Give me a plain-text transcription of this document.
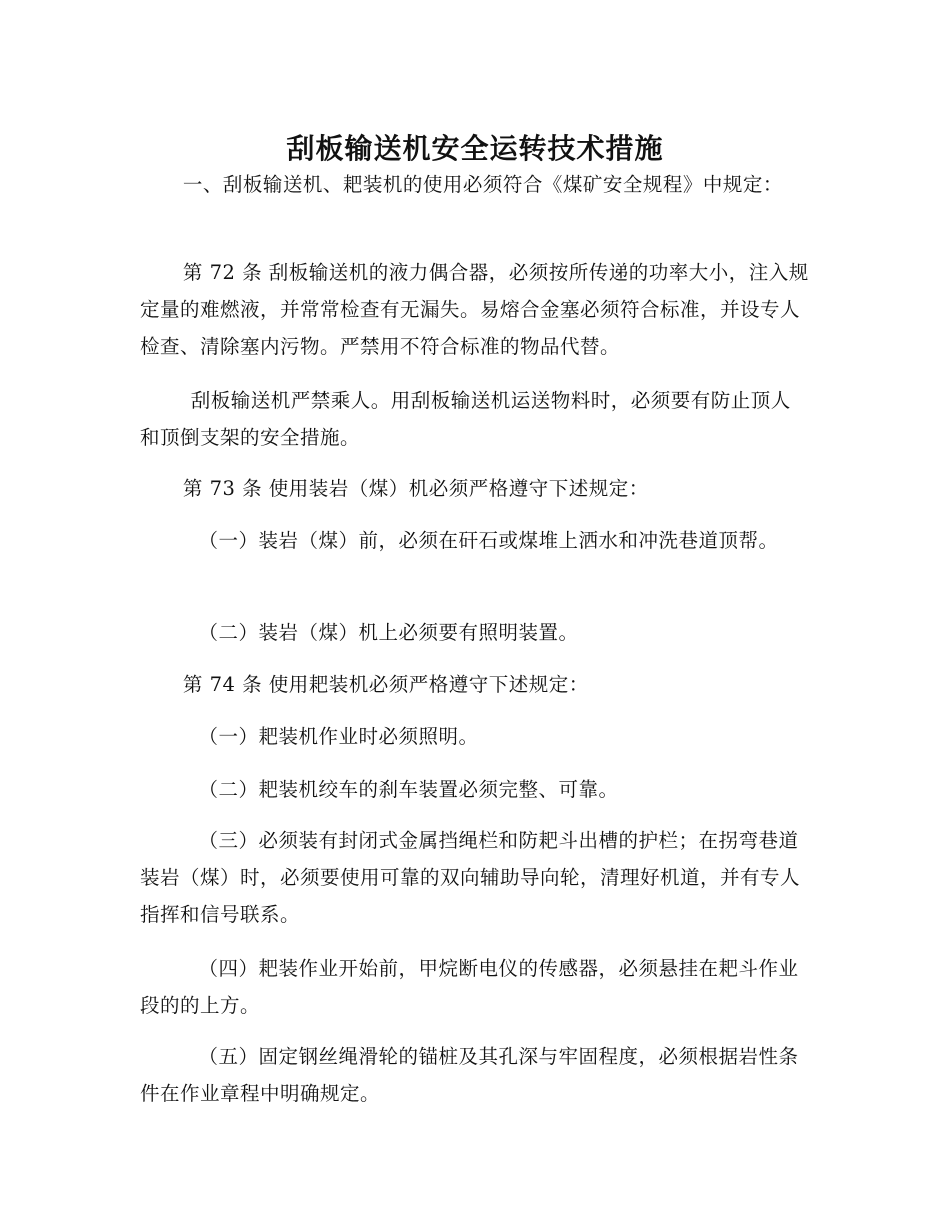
刮板输送机安全运转技术措施

一、刮板输送机、耙装机的使用必须符合《煤矿安全规程》中规定：

第 72 条 刮板输送机的液力偶合器，必须按所传递的功率大小，注入规定量的难燃液，并常常检查有无漏失。易熔合金塞必须符合标准，并设专人检查、清除塞内污物。严禁用不符合标准的物品代替。

刮板输送机严禁乘人。用刮板输送机运送物料时，必须要有防止顶人和顶倒支架的安全措施。

第 73 条 使用装岩（煤）机必须严格遵守下述规定：

（一）装岩（煤）前，必须在矸石或煤堆上洒水和冲洗巷道顶帮。

（二）装岩（煤）机上必须要有照明装置。

第 74 条 使用耙装机必须严格遵守下述规定：

（一）耙装机作业时必须照明。

（二）耙装机绞车的刹车装置必须完整、可靠。

（三）必须装有封闭式金属挡绳栏和防耙斗出槽的护栏；在拐弯巷道装岩（煤）时，必须要使用可靠的双向辅助导向轮，清理好机道，并有专人指挥和信号联系。

（四）耙装作业开始前，甲烷断电仪的传感器，必须悬挂在耙斗作业段的的上方。

（五）固定钢丝绳滑轮的锚桩及其孔深与牢固程度，必须根据岩性条件在作业章程中明确规定。
